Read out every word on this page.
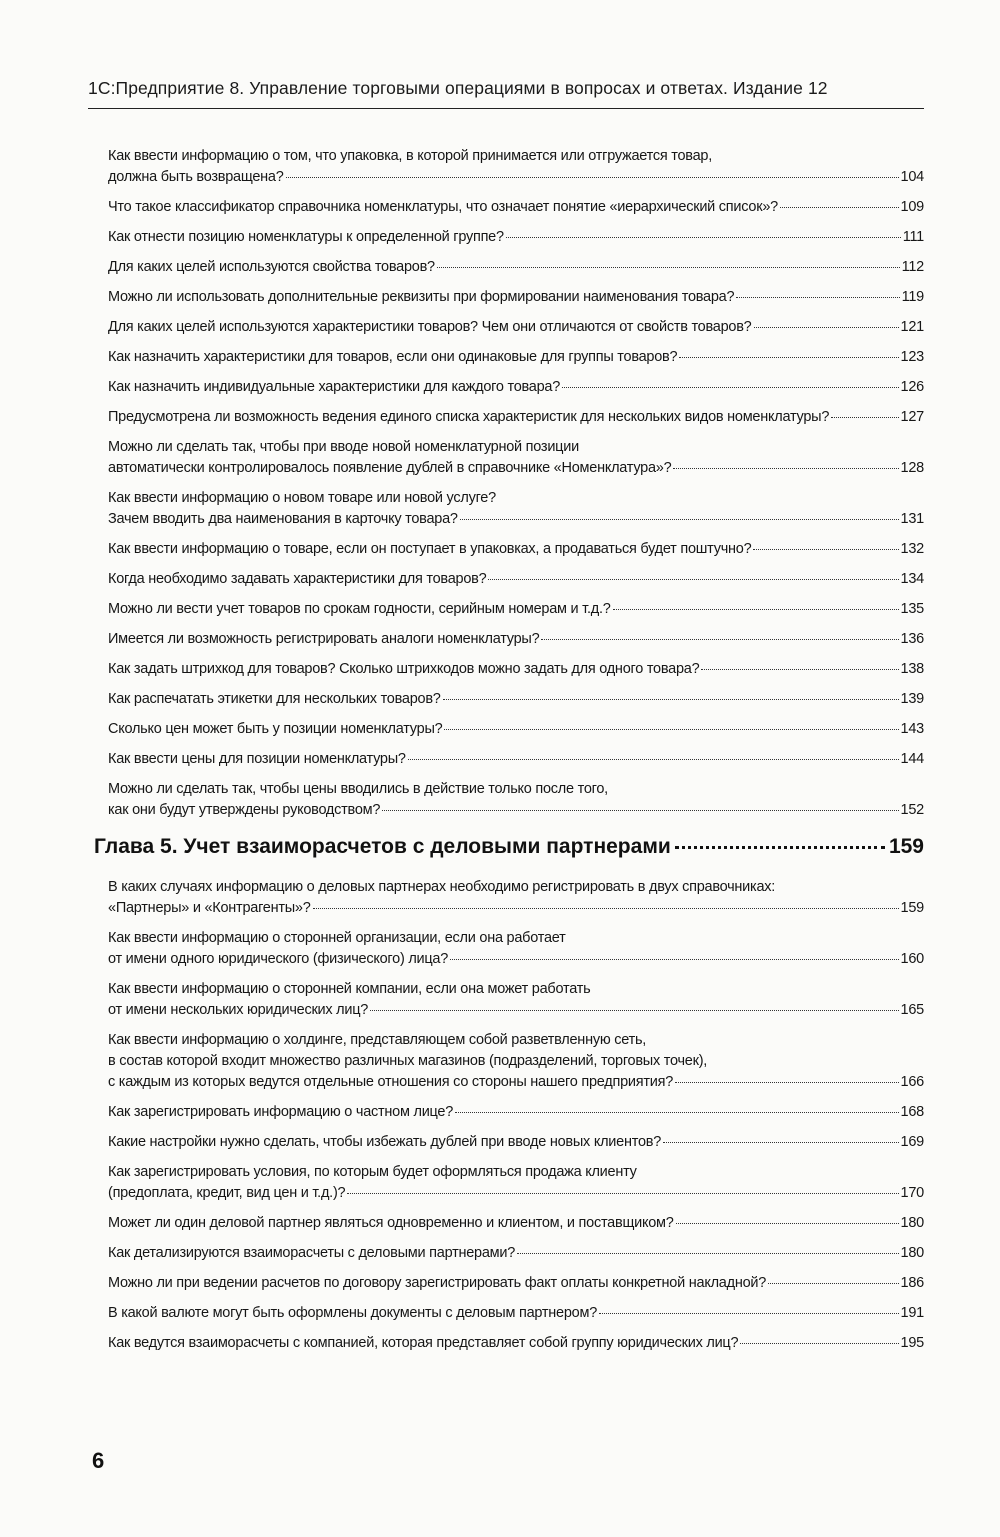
1С:Предприятие 8. Управление торговыми операциями в вопросах и ответах. Издание 12
Как ввести информацию о том, что упаковка, в которой принимается или отгружается товар,
должна быть возвращена?	104
Что такое классификатор справочника номенклатуры, что означает понятие «иерархический список»?	109
Как отнести позицию номенклатуры к определенной группе?	111
Для каких целей используются свойства товаров?	112
Можно ли использовать дополнительные реквизиты при формировании наименования товара?	119
Для каких целей используются характеристики товаров? Чем они отличаются от свойств товаров?	121
Как назначить характеристики для товаров, если они одинаковые для группы товаров?	123
Как назначить индивидуальные характеристики для каждого товара?	126
Предусмотрена ли возможность ведения единого списка характеристик для нескольких видов номенклатуры?	127
Можно ли сделать так, чтобы при вводе новой номенклатурной позиции
автоматически контролировалось появление дублей в справочнике «Номенклатура»?	128
Как ввести информацию о новом товаре или новой услуге?
Зачем вводить два наименования в карточку товара?	131
Как ввести информацию о товаре, если он поступает в упаковках, а продаваться будет поштучно?	132
Когда необходимо задавать характеристики для товаров?	134
Можно ли вести учет товаров по срокам годности, серийным номерам и т.д.?	135
Имеется ли возможность регистрировать аналоги номенклатуры?	136
Как задать штрихкод для товаров? Сколько штрихкодов можно задать для одного товара?	138
Как распечатать этикетки для нескольких товаров?	139
Сколько цен может быть у позиции номенклатуры?	143
Как ввести цены для позиции номенклатуры?	144
Можно ли сделать так, чтобы цены вводились в действие только после того,
как они будут утверждены руководством?	152
Глава 5. Учет взаиморасчетов с деловыми партнерами	159
В каких случаях информацию о деловых партнерах необходимо регистрировать в двух справочниках:
«Партнеры» и «Контрагенты»?	159
Как ввести информацию о сторонней организации, если она работает
от имени одного юридического (физического) лица?	160
Как ввести информацию о сторонней компании, если она может работать
от имени нескольких юридических лиц?	165
Как ввести информацию о холдинге, представляющем собой разветвленную сеть,
в состав которой входит множество различных магазинов (подразделений, торговых точек),
с каждым из которых ведутся отдельные отношения со стороны нашего предприятия?	166
Как зарегистрировать информацию о частном лице?	168
Какие настройки нужно сделать, чтобы избежать дублей при вводе новых клиентов?	169
Как зарегистрировать условия, по которым будет оформляться продажа клиенту
(предоплата, кредит, вид цен и т.д.)?	170
Может ли один деловой партнер являться одновременно и клиентом, и поставщиком?	180
Как детализируются взаиморасчеты с деловыми партнерами?	180
Можно ли при ведении расчетов по договору зарегистрировать факт оплаты конкретной накладной?	186
В какой валюте могут быть оформлены документы с деловым партнером?	191
Как ведутся взаиморасчеты с компанией, которая представляет собой группу юридических лиц?	195
6
